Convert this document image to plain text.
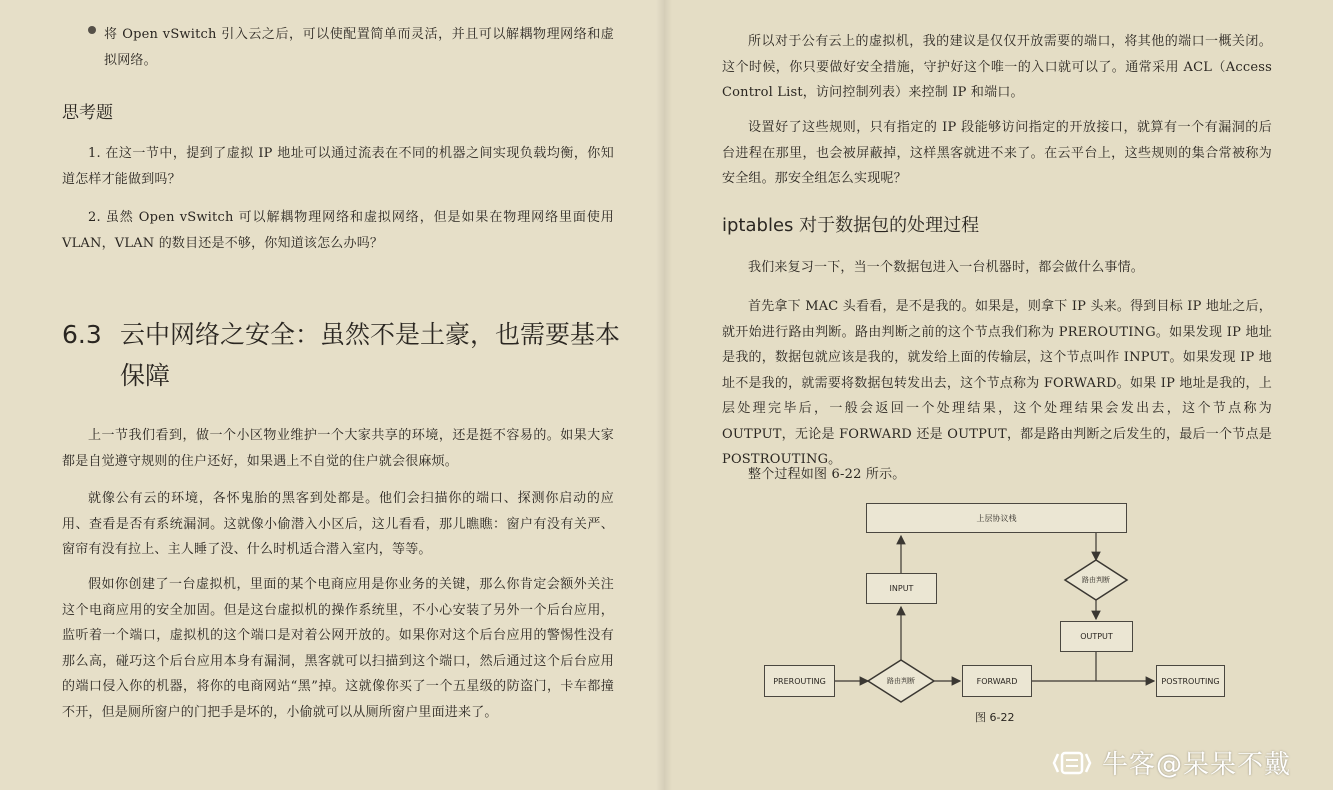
将 Open vSwitch 引入云之后，可以使配置简单而灵活，并且可以解耦物理网络和虚拟网络。

思考题

1. 在这一节中，提到了虚拟 IP 地址可以通过流表在不同的机器之间实现负载均衡，你知道怎样才能做到吗？

2. 虽然 Open vSwitch 可以解耦物理网络和虚拟网络，但是如果在物理网络里面使用 VLAN，VLAN 的数目还是不够，你知道该怎么办吗？

6.3 云中网络之安全：虽然不是土豪，也需要基本保障

上一节我们看到，做一个小区物业维护一个大家共享的环境，还是挺不容易的。如果大家都是自觉遵守规则的住户还好，如果遇上不自觉的住户就会很麻烦。

就像公有云的环境，各怀鬼胎的黑客到处都是。他们会扫描你的端口、探测你启动的应用、查看是否有系统漏洞。这就像小偷潜入小区后，这儿看看，那儿瞧瞧：窗户有没有关严、窗帘有没有拉上、主人睡了没、什么时机适合潜入室内，等等。

假如你创建了一台虚拟机，里面的某个电商应用是你业务的关键，那么你肯定会额外关注这个电商应用的安全加固。但是这台虚拟机的操作系统里，不小心安装了另外一个后台应用，监听着一个端口，虚拟机的这个端口是对着公网开放的。如果你对这个后台应用的警惕性没有那么高，碰巧这个后台应用本身有漏洞，黑客就可以扫描到这个端口，然后通过这个后台应用的端口侵入你的机器，将你的电商网站“黑”掉。这就像你买了一个五星级的防盗门，卡车都撞不开，但是厕所窗户的门把手是坏的，小偷就可以从厕所窗户里面进来了。

所以对于公有云上的虚拟机，我的建议是仅仅开放需要的端口，将其他的端口一概关闭。这个时候，你只要做好安全措施，守护好这个唯一的入口就可以了。通常采用 ACL（Access Control List，访问控制列表）来控制 IP 和端口。

设置好了这些规则，只有指定的 IP 段能够访问指定的开放接口，就算有一个有漏洞的后台进程在那里，也会被屏蔽掉，这样黑客就进不来了。在云平台上，这些规则的集合常被称为安全组。那安全组怎么实现呢？

iptables 对于数据包的处理过程

我们来复习一下，当一个数据包进入一台机器时，都会做什么事情。

首先拿下 MAC 头看看，是不是我的。如果是，则拿下 IP 头来。得到目标 IP 地址之后，就开始进行路由判断。路由判断之前的这个节点我们称为 PREROUTING。如果发现 IP 地址是我的，数据包就应该是我的，就发给上面的传输层，这个节点叫作 INPUT。如果发现 IP 地址不是我的，就需要将数据包转发出去，这个节点称为 FORWARD。如果 IP 地址是我的，上层处理完毕后，一般会返回一个处理结果，这个处理结果会发出去，这个节点称为 OUTPUT，无论是 FORWARD 还是 OUTPUT，都是路由判断之后发生的，最后一个节点是 POSTROUTING。

整个过程如图 6-22 所示。

上层协议栈
INPUT
OUTPUT
PREROUTING	FORWARD	POSTROUTING
路由判断
路由判断
图 6-22
牛客@呆呆不戴
